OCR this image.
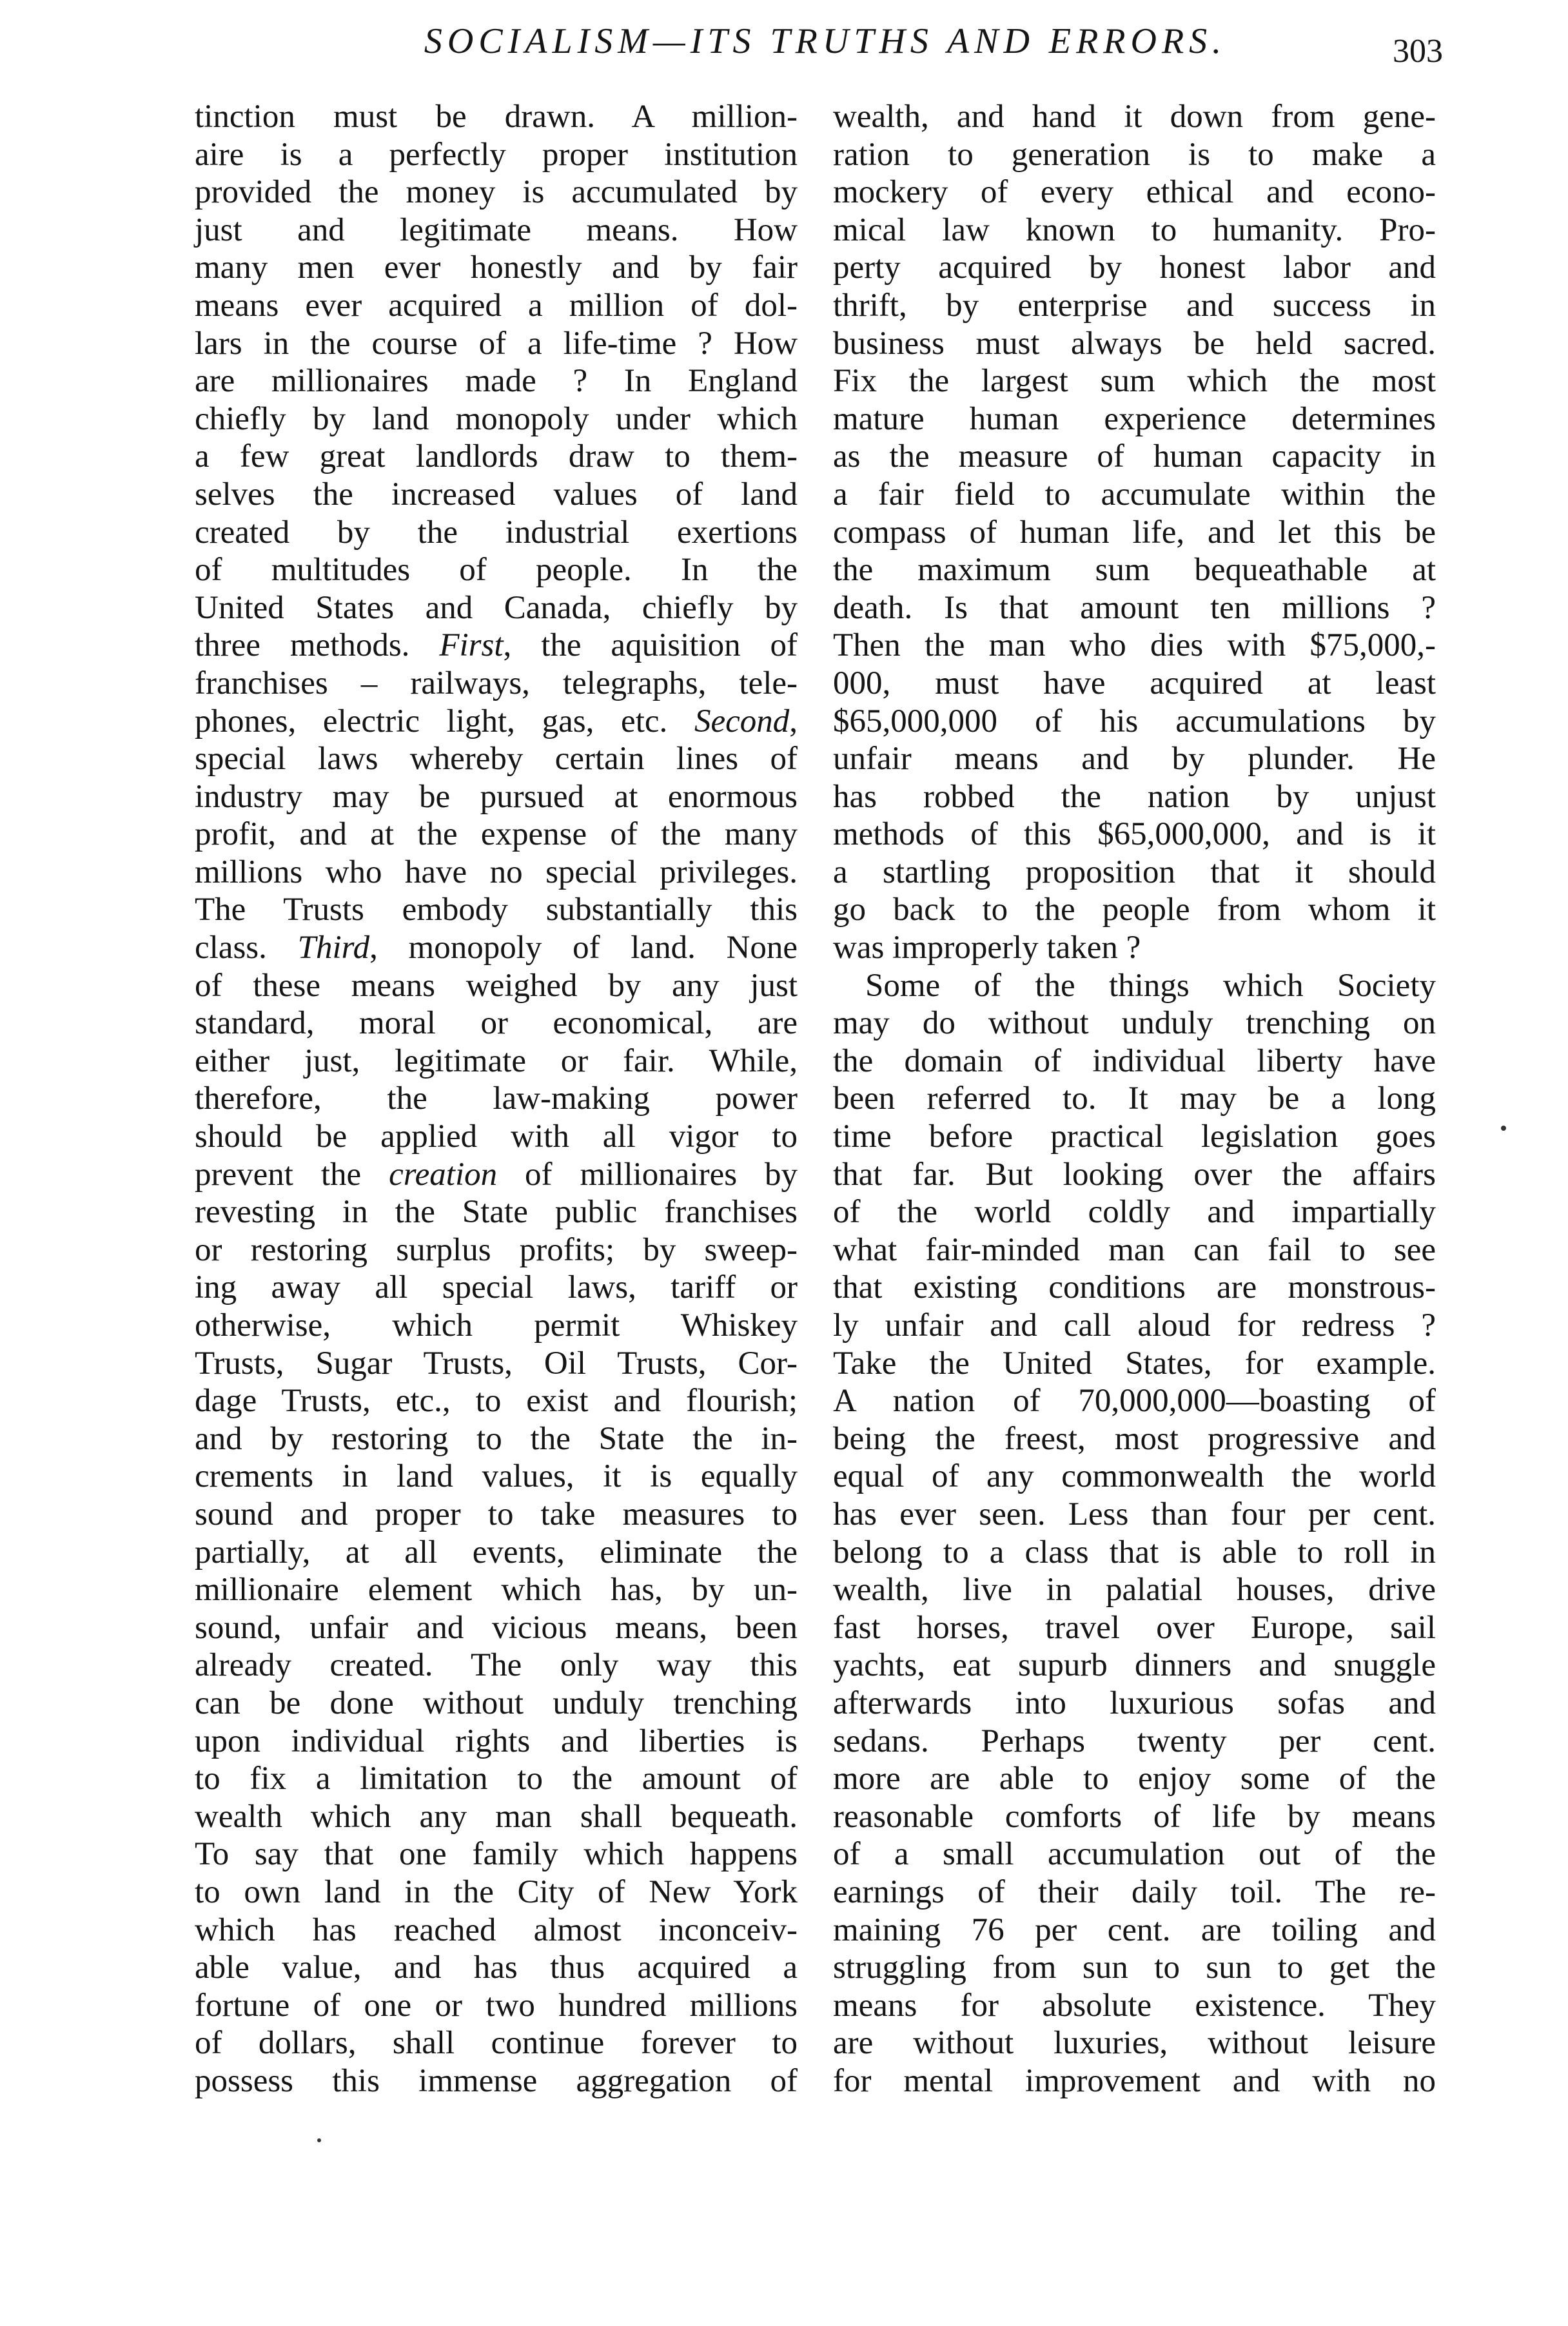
SOCIALISM—ITS TRUTHS AND ERRORS.	303
tinction must be drawn. A million-
aire is a perfectly proper institution
provided the money is accumulated by
just and legitimate means. How
many men ever honestly and by fair
means ever acquired a million of dol-
lars in the course of a life-time ? How
are millionaires made ? In England
chiefly by land monopoly under which
a few great landlords draw to them-
selves the increased values of land
created by the industrial exertions
of multitudes of people. In the
United States and Canada, chiefly by
three methods. First, the aquisition of
franchises – railways, telegraphs, tele-
phones, electric light, gas, etc. Second,
special laws whereby certain lines of
industry may be pursued at enormous
profit, and at the expense of the many
millions who have no special privileges.
The Trusts embody substantially this
class. Third, monopoly of land. None
of these means weighed by any just
standard, moral or economical, are
either just, legitimate or fair. While,
therefore, the law-making power
should be applied with all vigor to
prevent the creation of millionaires by
revesting in the State public franchises
or restoring surplus profits; by sweep-
ing away all special laws, tariff or
otherwise, which permit Whiskey
Trusts, Sugar Trusts, Oil Trusts, Cor-
dage Trusts, etc., to exist and flourish;
and by restoring to the State the in-
crements in land values, it is equally
sound and proper to take measures to
partially, at all events, eliminate the
millionaire element which has, by un-
sound, unfair and vicious means, been
already created. The only way this
can be done without unduly trenching
upon individual rights and liberties is
to fix a limitation to the amount of
wealth which any man shall bequeath.
To say that one family which happens
to own land in the City of New York
which has reached almost inconceiv-
able value, and has thus acquired a
fortune of one or two hundred millions
of dollars, shall continue forever to
possess this immense aggregation of
wealth, and hand it down from gene-
ration to generation is to make a
mockery of every ethical and econo-
mical law known to humanity. Pro-
perty acquired by honest labor and
thrift, by enterprise and success in
business must always be held sacred.
Fix the largest sum which the most
mature human experience determines
as the measure of human capacity in
a fair field to accumulate within the
compass of human life, and let this be
the maximum sum bequeathable at
death. Is that amount ten millions ?
Then the man who dies with $75,000,-
000, must have acquired at least
$65,000,000 of his accumulations by
unfair means and by plunder. He
has robbed the nation by unjust
methods of this $65,000,000, and is it
a startling proposition that it should
go back to the people from whom it
was improperly taken ?
Some of the things which Society
may do without unduly trenching on
the domain of individual liberty have
been referred to. It may be a long
time before practical legislation goes
that far. But looking over the affairs
of the world coldly and impartially
what fair-minded man can fail to see
that existing conditions are monstrous-
ly unfair and call aloud for redress ?
Take the United States, for example.
A nation of 70,000,000—boasting of
being the freest, most progressive and
equal of any commonwealth the world
has ever seen. Less than four per cent.
belong to a class that is able to roll in
wealth, live in palatial houses, drive
fast horses, travel over Europe, sail
yachts, eat supurb dinners and snuggle
afterwards into luxurious sofas and
sedans. Perhaps twenty per cent.
more are able to enjoy some of the
reasonable comforts of life by means
of a small accumulation out of the
earnings of their daily toil. The re-
maining 76 per cent. are toiling and
struggling from sun to sun to get the
means for absolute existence. They
are without luxuries, without leisure
for mental improvement and with no
